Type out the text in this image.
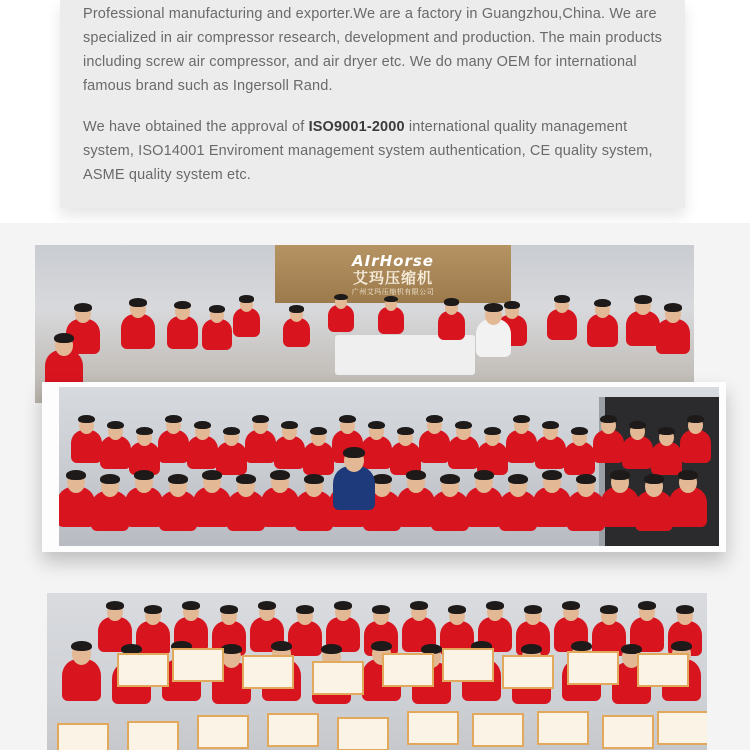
Professional manufacturing and exporter.We are a factory in Guangzhou,China. We are specialized in air compressor research, development and production. The main products including screw air compressor, and air dryer etc. We do many OEM for international famous brand such as Ingersoll Rand.

We have obtained the approval of ISO9001-2000 international quality management system, ISO14001 Enviroment management system authentication, CE quality system, ASME quality system etc.

AIrHorse
艾玛压缩机
广州艾玛压缩机有限公司
